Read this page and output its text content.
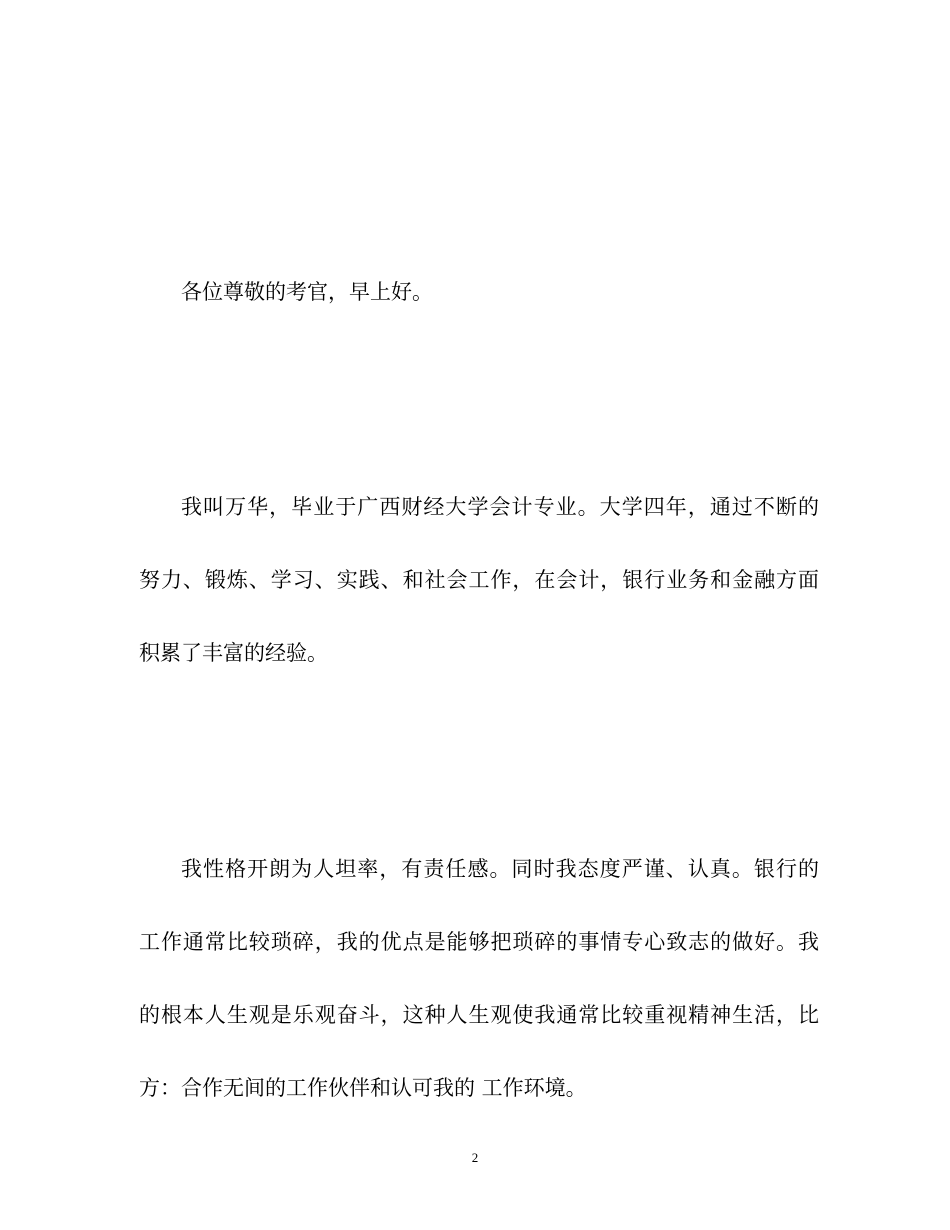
各位尊敬的考官，早上好。
我叫万华，毕业于广西财经大学会计专业。大学四年，通过不断的
努力、锻炼、学习、实践、和社会工作，在会计，银行业务和金融方面
积累了丰富的经验。
我性格开朗为人坦率，有责任感。同时我态度严谨、认真。银行的
工作通常比较琐碎，我的优点是能够把琐碎的事情专心致志的做好。我
的根本人生观是乐观奋斗，这种人生观使我通常比较重视精神生活，比
方：合作无间的工作伙伴和认可我的 工作环境。
2
